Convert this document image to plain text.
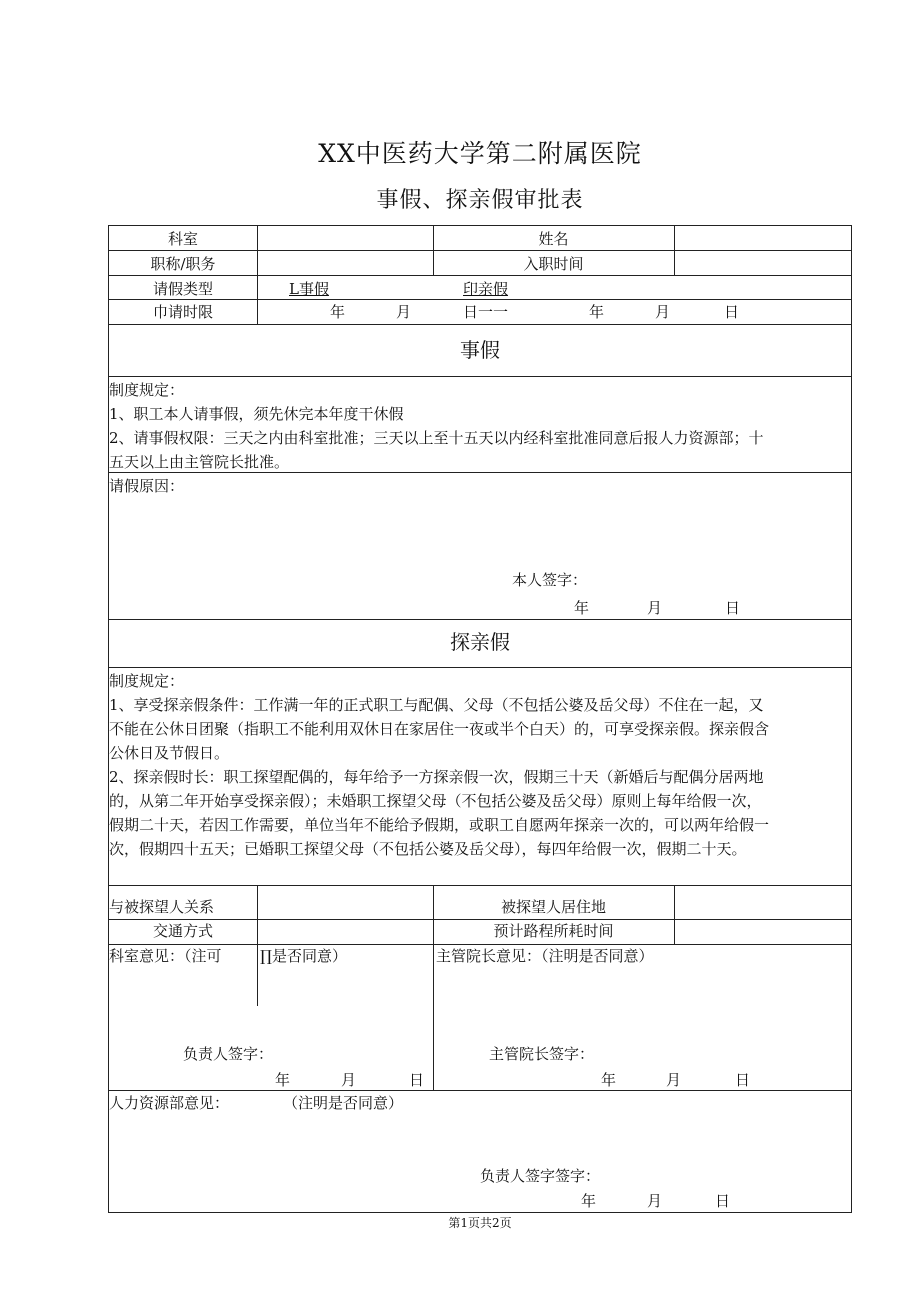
XX中医药大学第二附属医院
事假、探亲假审批表
科室	姓名
职称/职务	入职时间
请假类型	L事假	印亲假
巾请时限	年	月	日一一	年	月	日
事假
制度规定：
1、职工本人请事假，须先休完本年度干休假
2、请事假权限：三天之内由科室批准；三天以上至十五天以内经科室批准同意后报人力资源部；十
五天以上由主管院长批准。
请假原因：
本人签字：
年	月	日
探亲假
制度规定：
1、享受探亲假条件：工作满一年的正式职工与配偶、父母（不包括公婆及岳父母）不住在一起，又
不能在公休日团聚（指职工不能利用双休日在家居住一夜或半个白天）的，可享受探亲假。探亲假含
公休日及节假日。
2、探亲假时长：职工探望配偶的，每年给予一方探亲假一次，假期三十天（新婚后与配偶分居两地
的，从第二年开始享受探亲假）；未婚职工探望父母（不包括公婆及岳父母）原则上每年给假一次，
假期二十天，若因工作需要，单位当年不能给予假期，或职工自愿两年探亲一次的，可以两年给假一
次，假期四十五天；已婚职工探望父母（不包括公婆及岳父母），每四年给假一次，假期二十天。
与被探望人关系	被探望人居住地
交通方式	预计路程所耗时间
科室意见：（注可	∏是否同意）
负责人签字：
年	月	日
主管院长意见：（注明是否同意）
主管院长签字：
年	月	日
人力资源部意见：	（注明是否同意）
负责人签字签字：
年	月	日
第1页共2页
